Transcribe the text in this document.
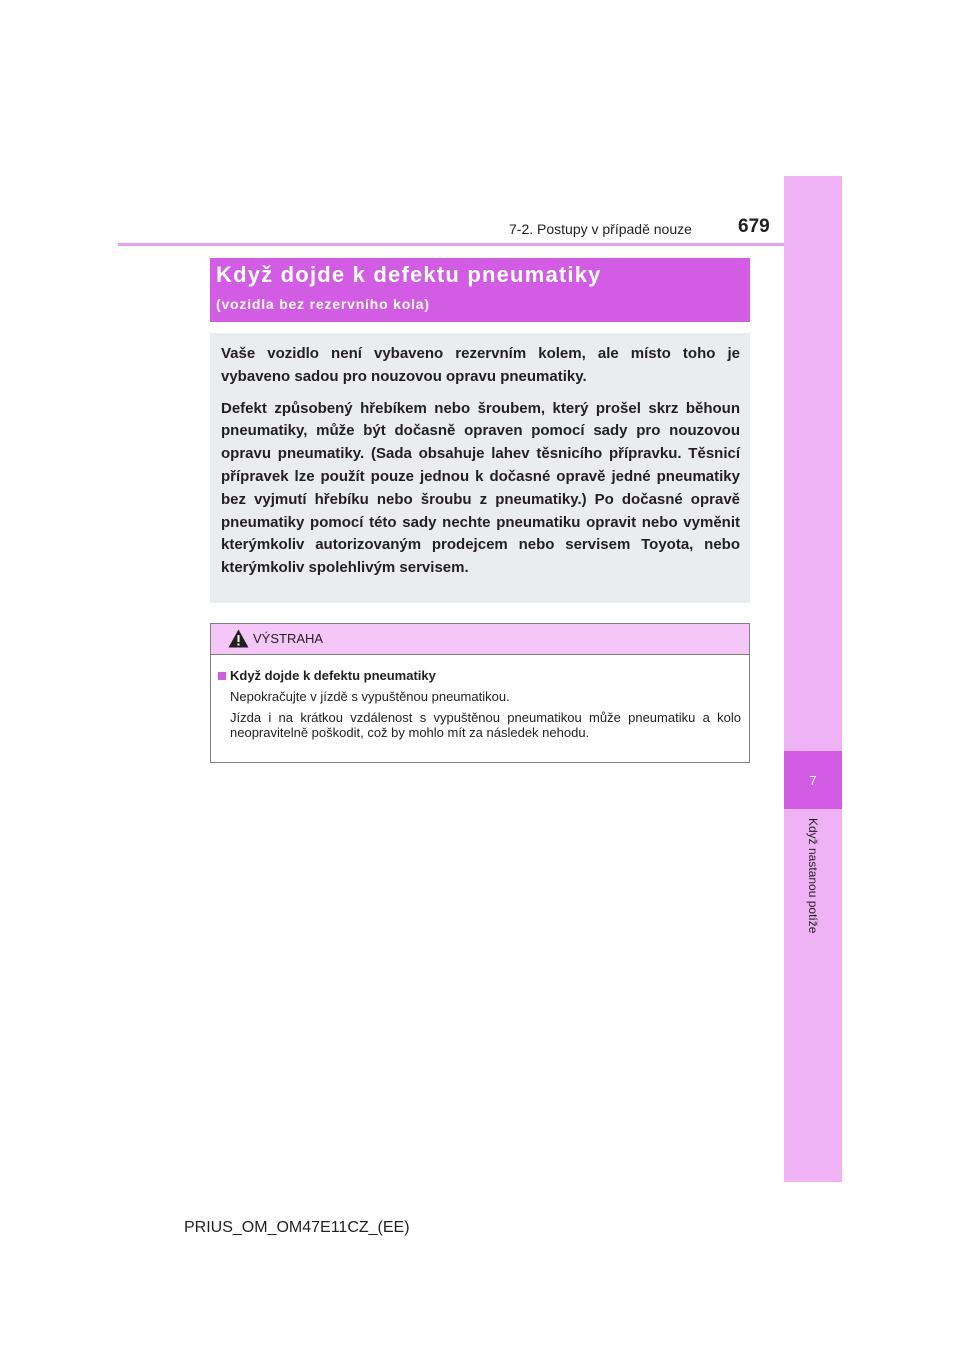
7-2. Postupy v případě nouze 679
7
Když nastanou potíže
Když dojde k defektu pneumatiky
(vozidla bez rezervního kola)

Vaše vozidlo není vybaveno rezervním kolem, ale místo toho je vybaveno sadou pro nouzovou opravu pneumatiky.

Defekt způsobený hřebíkem nebo šroubem, který prošel skrz běhoun pneumatiky, může být dočasně opraven pomocí sady pro nouzovou opravu pneumatiky. (Sada obsahuje lahev těsnicího přípravku. Těsnicí přípravek lze použít pouze jednou k dočasné opravě jedné pneumatiky bez vyjmutí hřebíku nebo šroubu z pneumatiky.) Po dočasné opravě pneumatiky pomocí této sady nechte pneumatiku opravit nebo vyměnit kterýmkoliv autorizovaným prodejcem nebo servisem Toyota, nebo kterýmkoliv spolehlivým servisem.

VÝSTRAHA
Když dojde k defektu pneumatiky

Nepokračujte v jízdě s vypuštěnou pneumatikou.

Jízda i na krátkou vzdálenost s vypuštěnou pneumatikou může pneumatiku a kolo neopravitelně poškodit, což by mohlo mít za následek nehodu.

PRIUS_OM_OM47E11CZ_(EE)
